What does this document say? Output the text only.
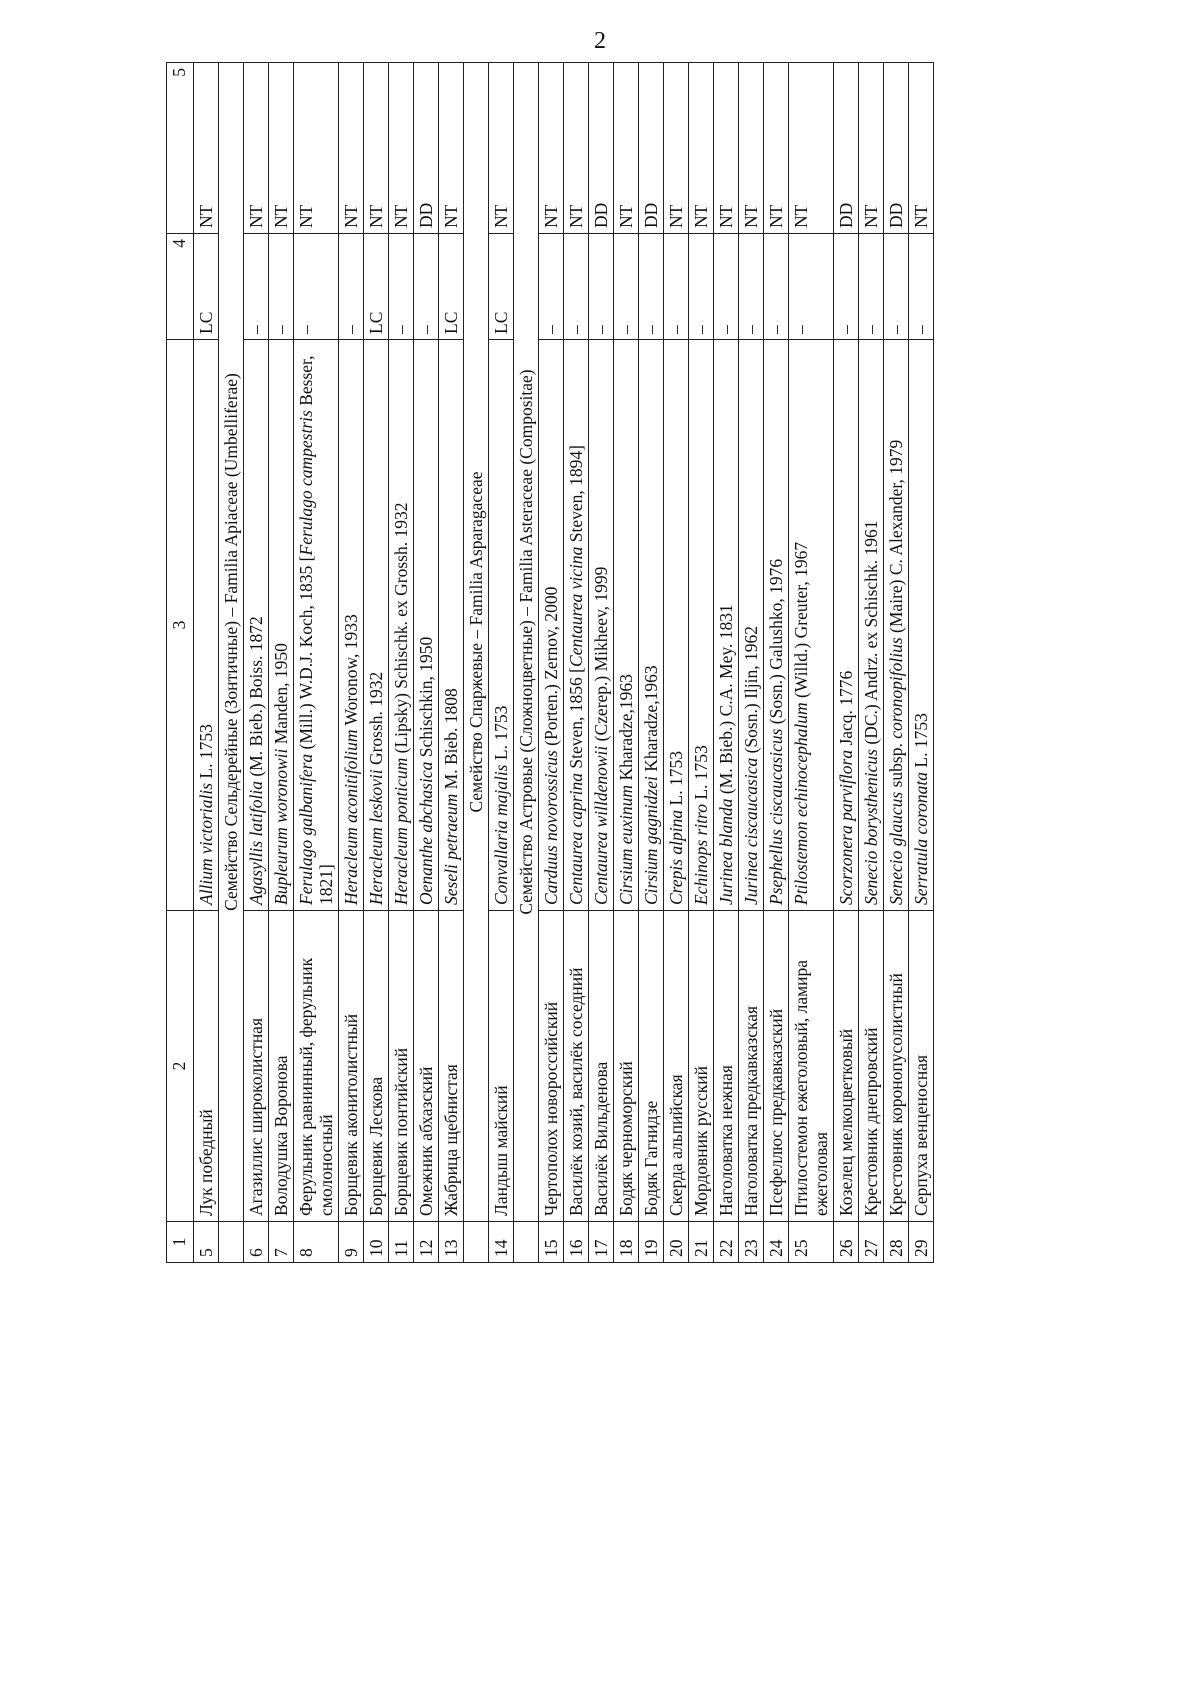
2
1	2	3	4	5
5	Лук победный	Allium victorialis L. 1753	LC	NT
	Семейство Сельдерейные (Зонтичные) – Familia Apiaceae (Umbelliferae)			
6	Агазиллис широколистная	Agasyllis latifolia (M. Bieb.) Boiss. 1872	–	NT
7	Володушка Воронова	Bupleurum woronowii Manden, 1950	–	NT
8	Ферульник равнинный, ферульник смолоносный	Ferulago galbanifera (Mill.) W.D.J. Koch, 1835 [Ferulago campestris Besser, 1821]	–	NT
9	Борщевик аконитолистный	Heracleum aconitifolium Woronow, 1933	–	NT
10	Борщевик Лескова	Heracleum leskovii Grossh. 1932	LC	NT
11	Борщевик понтийский	Heracleum ponticum (Lipsky) Schischk. ex Grossh. 1932	–	NT
12	Омежник абхазский	Oenanthe abchasica Schischkin, 1950	–	DD
13	Жабрица щебнистая	Seseli petraeum M. Bieb. 1808	LC	NT
	Семейство Спаржевые – Familia Asparagaceae			
14	Ландыш майский	Convallaria majalis L. 1753	LC	NT
	Семейство Астровые (Сложноцветные) – Familia Asteraceae (Compositae)			
15	Чертополох новороссийский	Carduus novorossicus (Porten.) Zernov, 2000	–	NT
16	Василёк козий, василёк соседний	Centaurea caprina Steven, 1856 [Centaurea vicina Steven, 1894]	–	NT
17	Василёк Вильденова	Centaurea willdenowii (Czerep.) Mikheev, 1999	–	DD
18	Бодяк черноморский	Cirsium euxinum Kharadze,1963	–	NT
19	Бодяк Гагнидзе	Cirsium gagnidzei Kharadze,1963	–	DD
20	Скерда альпийская	Crepis alpina L. 1753	–	NT
21	Мордовник русский	Echinops ritro L. 1753	–	NT
22	Наголоватка нежная	Jurinea blanda (M. Bieb.) C.A. Mey. 1831	–	NT
23	Наголоватка предкавказская	Jurinea ciscaucasica (Sosn.) Iljin, 1962	–	NT
24	Псефеллюс предкавказский	Psephellus ciscaucasicus (Sosn.) Galushko, 1976	–	NT
25	Птилостемон ежеголовый, ламира ежеголовая	Ptilostemon echinocephalum (Willd.) Greuter, 1967	–	NT
26	Козелец мелкоцветковый	Scorzonera parviflora Jacq. 1776	–	DD
27	Крестовник днепровский	Senecio borysthenicus (DC.) Andrz. ex Schischk. 1961	–	NT
28	Крестовник коронопусолистный	Senecio glaucus subsp. coronopifolius (Maire) C. Alexander, 1979	–	DD
29	Серпуха венценосная	Serratula coronata L. 1753	–	NT
